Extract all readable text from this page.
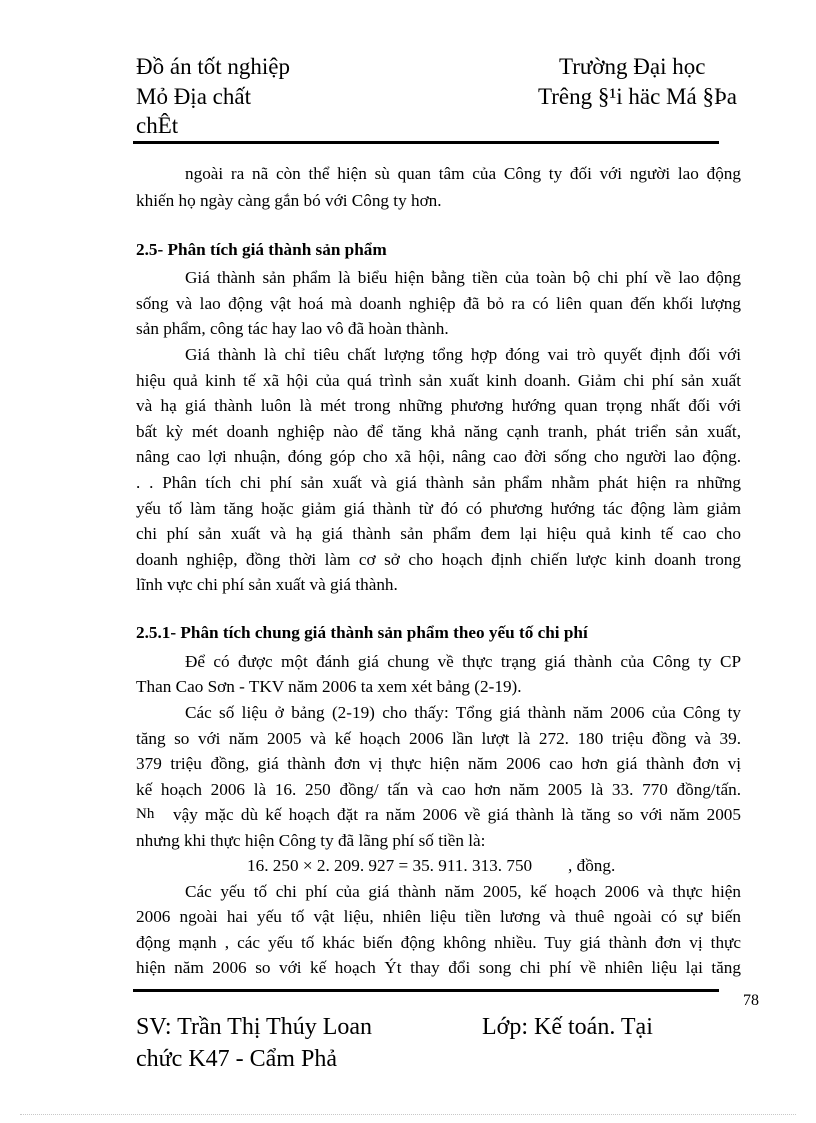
Đồ án tốt nghiệp
Mỏ Địa chất
chÊt
Trường Đại học
Trêng §¹i häc Má §Þa
ngoài ra nã còn thể hiện sù quan tâm của Công ty đối với người lao động
khiến họ ngày càng gắn bó với Công ty hơn.
2.5- Phân tích giá thành sản phẩm
Giá thành sản phẩm là biểu hiện bằng tiền của toàn bộ chi phí về lao động
sống và lao động vật hoá mà doanh nghiệp đã bỏ ra có liên quan đến khối lượng
sản phẩm, công tác hay lao vô đã hoàn thành.
Giá thành là chỉ tiêu chất lượng tổng hợp đóng vai trò quyết định đối với
hiệu quả kinh tế xã hội của quá trình sản xuất kinh doanh. Giảm chi phí sản xuất
và hạ giá thành luôn là mét trong những phương hướng quan trọng nhất đối với
bất kỳ mét doanh nghiệp nào để tăng khả năng cạnh tranh, phát triển sản xuất,
nâng cao lợi nhuận, đóng góp cho xã hội, nâng cao đời sống cho người lao động.
. . Phân tích chi phí sản xuất và giá thành sản phẩm nhằm phát hiện ra những
yếu tố làm tăng hoặc giảm giá thành từ đó có phương hướng tác động làm giảm
chi phí sản xuất và hạ giá thành sản phẩm đem lại hiệu quả kinh tế cao cho
doanh nghiệp, đồng thời làm cơ sở cho hoạch định chiến lược kinh doanh trong
lĩnh vực chi phí sản xuất và giá thành.
2.5.1- Phân tích chung giá thành sản phẩm theo yếu tố chi phí
Để có được một đánh giá chung về thực trạng giá thành của Công ty CP
Than Cao Sơn - TKV năm 2006 ta xem xét bảng (2-19).
Các số liệu ở bảng (2-19) cho thấy: Tổng giá thành năm 2006 của Công ty
tăng so với năm 2005 và kế hoạch 2006 lần lượt là 272. 180 triệu đồng và 39.
379 triệu đồng, giá thành đơn vị thực hiện năm 2006 cao hơn giá thành đơn vị
kế hoạch 2006 là 16. 250 đồng/ tấn và cao hơn năm 2005 là 33. 770 đồng/tấn.
Nh vậy mặc dù kế hoạch đặt ra năm 2006 về giá thành là tăng so với năm 2005
nhưng khi thực hiện Công ty đã lãng phí số tiền là:
16. 250 × 2. 209. 927 = 35. 911. 313. 750 , đồng.
Các yếu tố chi phí của giá thành năm 2005, kế hoạch 2006 và thực hiện
2006 ngoài hai yếu tố vật liệu, nhiên liệu tiền lương và thuê ngoài có sự biến
động mạnh , các yếu tố khác biến động không nhiều. Tuy giá thành đơn vị thực
hiện năm 2006 so với kế hoạch Ýt thay đổi song chi phí về nhiên liệu lại tăng
78
SV: Trần Thị Thúy Loan	Lớp: Kế toán. Tại
chức K47 - Cẩm Phả
